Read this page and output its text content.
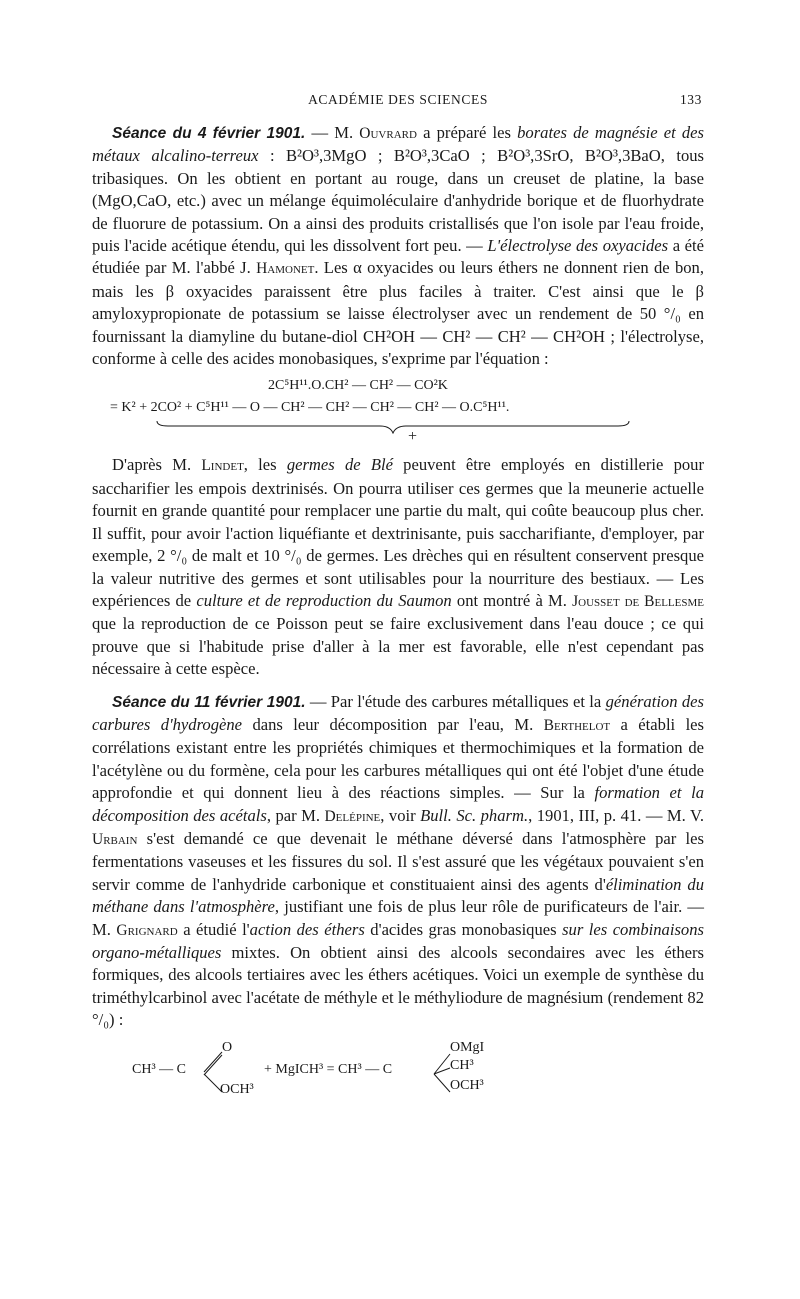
ACADÉMIE DES SCIENCES	133

Séance du 4 février 1901. — M. Ouvrard a préparé les borates de magnésie et des métaux alcalino-terreux : B²O³,3MgO ; B²O³,3CaO ; B²O³,3SrO, B²O³,3BaO, tous tribasiques. On les obtient en portant au rouge, dans un creuset de platine, la base (MgO,CaO, etc.) avec un mélange équimoléculaire d'anhydride borique et de fluorhydrate de fluorure de potassium. On a ainsi des produits cristallisés que l'on isole par l'eau froide, puis l'acide acétique étendu, qui les dissolvent fort peu. — L'électrolyse des oxyacides a été étudiée par M. l'abbé J. Hamonet. Les α oxyacides ou leurs éthers ne donnent rien de bon, mais les β oxyacides paraissent être plus faciles à traiter. C'est ainsi que le β amyloxypropionate de potassium se laisse électrolyser avec un rendement de 50 °/₀ en fournissant la diamyline du butane-diol CH²OH — CH² — CH² — CH²OH ; l'électrolyse, conforme à celle des acides monobasiques, s'exprime par l'équation :

2C⁵H¹¹.O.CH² — CH² — CO²K
= K² + 2CO² + C⁵H¹¹ — O — CH² — CH² — CH² — CH² — O.C⁵H¹¹.
+

D'après M. Lindet, les germes de Blé peuvent être employés en distillerie pour saccharifier les empois dextrinisés. On pourra utiliser ces germes que la meunerie actuelle fournit en grande quantité pour remplacer une partie du malt, qui coûte beaucoup plus cher. Il suffit, pour avoir l'action liquéfiante et dextrinisante, puis saccharifiante, d'employer, par exemple, 2 °/₀ de malt et 10 °/₀ de germes. Les drèches qui en résultent conservent presque la valeur nutritive des germes et sont utilisables pour la nourriture des bestiaux. — Les expériences de culture et de reproduction du Saumon ont montré à M. Jousset de Bellesme que la reproduction de ce Poisson peut se faire exclusivement dans l'eau douce ; ce qui prouve que si l'habitude prise d'aller à la mer est favorable, elle n'est cependant pas nécessaire à cette espèce.

Séance du 11 février 1901. — Par l'étude des carbures métalliques et la génération des carbures d'hydrogène dans leur décomposition par l'eau, M. Berthelot a établi les corrélations existant entre les propriétés chimiques et thermochimiques et la formation de l'acétylène ou du formène, cela pour les carbures métalliques qui ont été l'objet d'une étude approfondie et qui donnent lieu à des réactions simples. — Sur la formation et la décomposition des acétals, par M. Delépine, voir Bull. Sc. pharm., 1901, III, p. 41. — M. V. Urbain s'est demandé ce que devenait le méthane déversé dans l'atmosphère par les fermentations vaseuses et les fissures du sol. Il s'est assuré que les végétaux pouvaient s'en servir comme de l'anhydride carbonique et constituaient ainsi des agents d'élimination du méthane dans l'atmosphère, justifiant une fois de plus leur rôle de purificateurs de l'air. — M. Grignard a étudié l'action des éthers d'acides gras monobasiques sur les combinaisons organo-métalliques mixtes. On obtient ainsi des alcools secondaires avec les éthers formiques, des alcools tertiaires avec les éthers acétiques. Voici un exemple de synthèse du triméthylcarbinol avec l'acétate de méthyle et le méthyliodure de magnésium (rendement 82 °/₀) :

CH³ — C
O
OCH³
+ MgICH³ = CH³ — C
OMgI
CH³
OCH³
